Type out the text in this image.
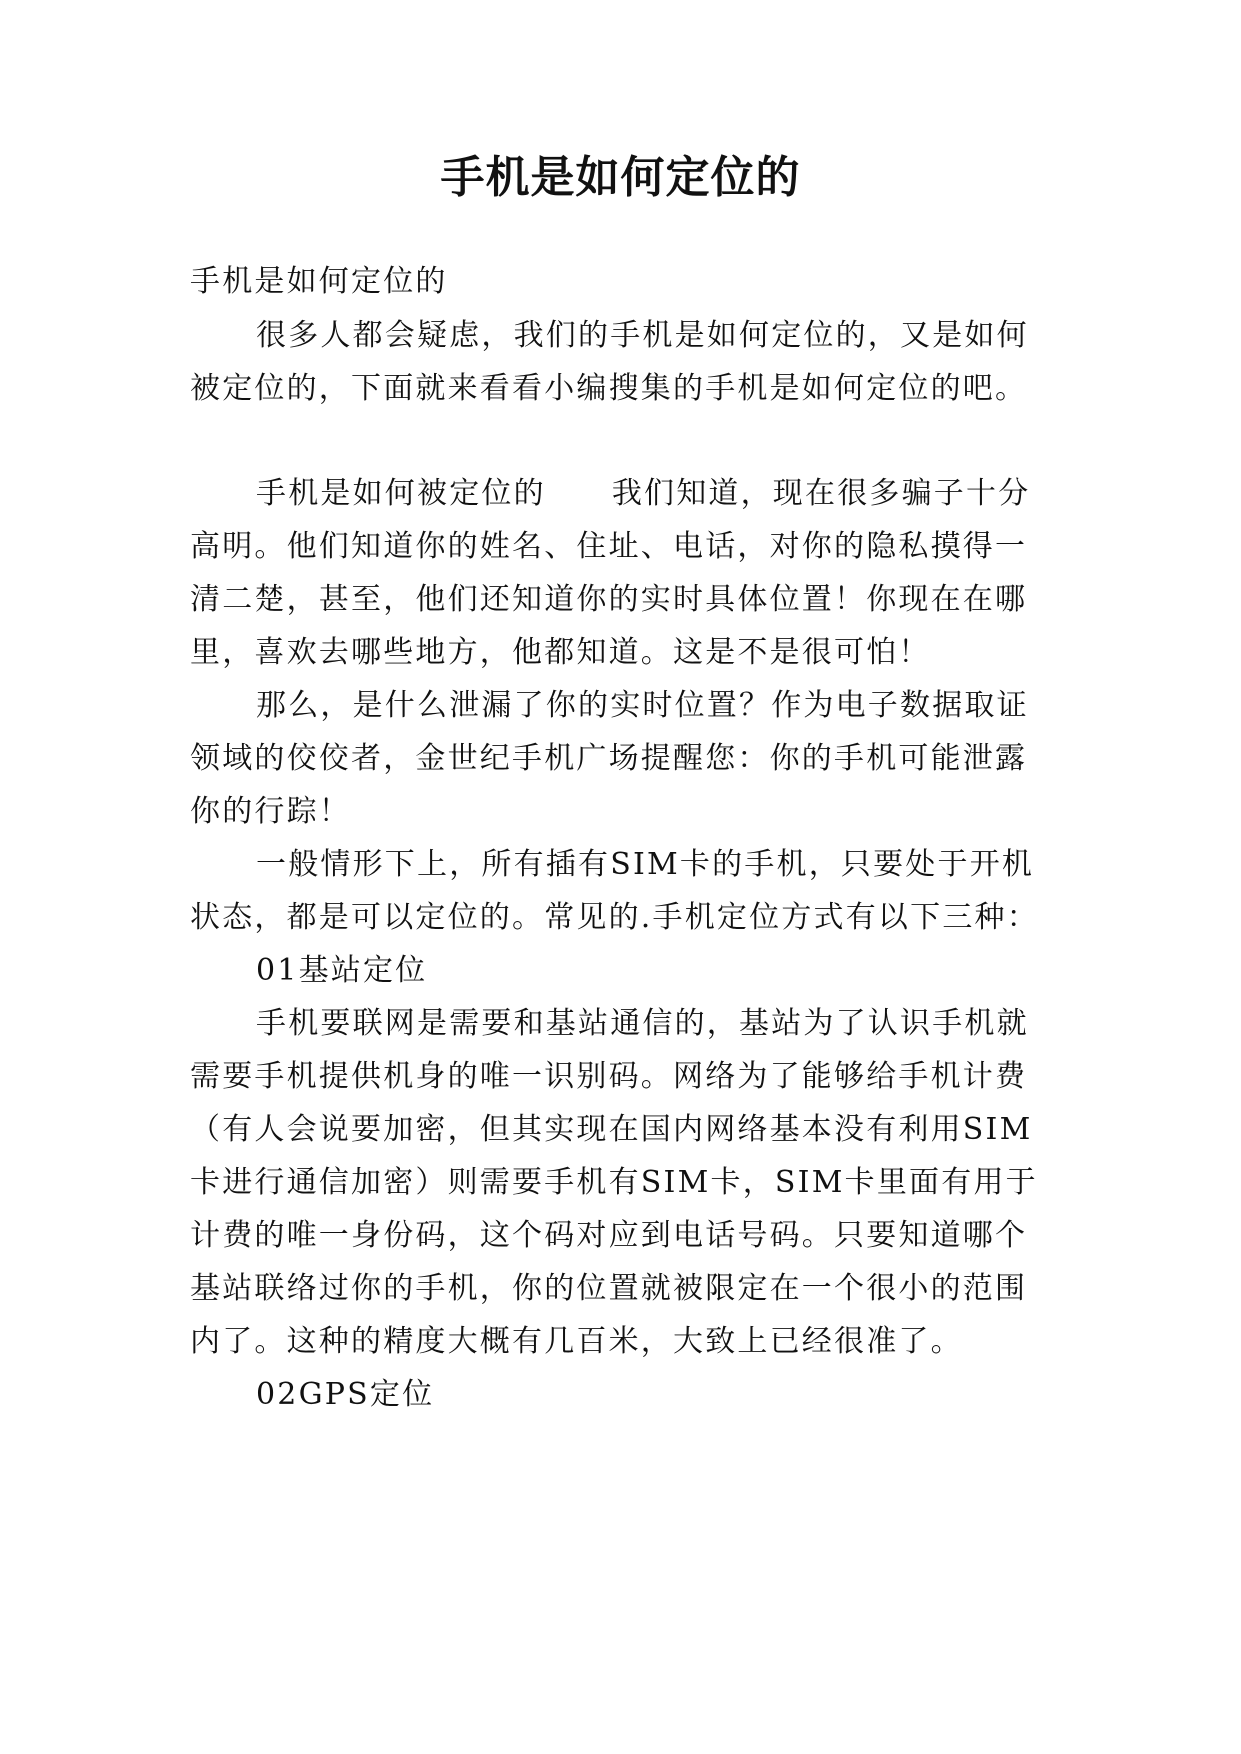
手机是如何定位的
手机是如何定位的
很多人都会疑虑，我们的手机是如何定位的，又是如何
被定位的，下面就来看看小编搜集的手机是如何定位的吧。
手机是如何被定位的 我们知道，现在很多骗子十分
高明。他们知道你的姓名、住址、电话，对你的隐私摸得一
清二楚，甚至，他们还知道你的实时具体位置！你现在在哪
里，喜欢去哪些地方，他都知道。这是不是很可怕！
那么，是什么泄漏了你的实时位置？作为电子数据取证
领域的佼佼者，金世纪手机广场提醒您：你的手机可能泄露
你的行踪！
一般情形下上，所有插有SIM卡的手机，只要处于开机
状态，都是可以定位的。常见的.手机定位方式有以下三种：
01基站定位
手机要联网是需要和基站通信的，基站为了认识手机就
需要手机提供机身的唯一识别码。网络为了能够给手机计费
（有人会说要加密，但其实现在国内网络基本没有利用SIM
卡进行通信加密）则需要手机有SIM卡，SIM卡里面有用于
计费的唯一身份码，这个码对应到电话号码。只要知道哪个
基站联络过你的手机，你的位置就被限定在一个很小的范围
内了。这种的精度大概有几百米，大致上已经很准了。
02GPS定位
